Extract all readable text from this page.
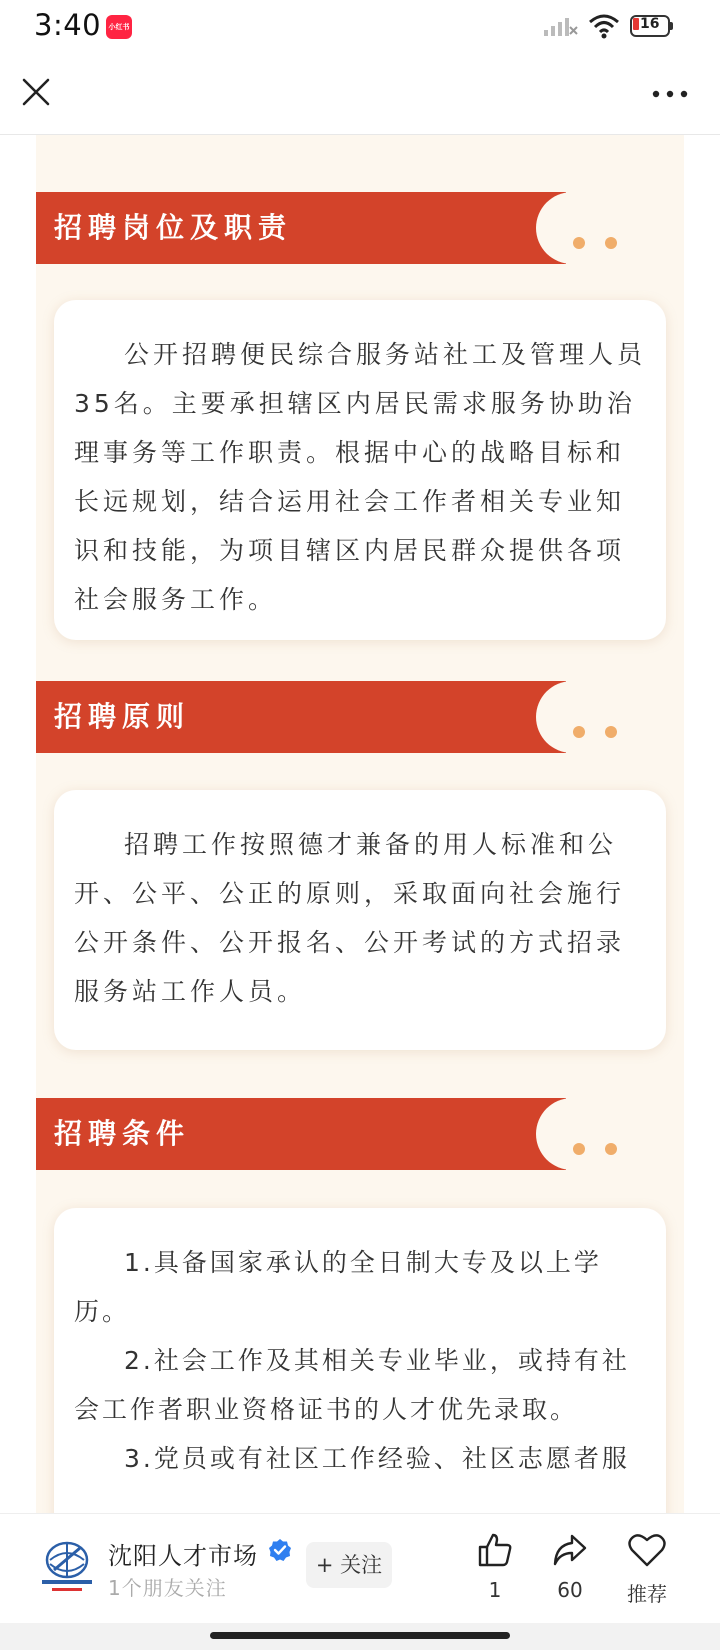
3:40	小红书	16
招聘岗位及职责

公开招聘便民综合服务站社工及管理人员35名。主要承担辖区内居民需求服务协助治理事务等工作职责。根据中心的战略目标和长远规划，结合运用社会工作者相关专业知识和技能，为项目辖区内居民群众提供各项社会服务工作。

招聘原则

招聘工作按照德才兼备的用人标准和公开、公平、公正的原则，采取面向社会施行公开条件、公开报名、公开考试的方式招录服务站工作人员。

招聘条件

1.具备国家承认的全日制大专及以上学历。

2.社会工作及其相关专业毕业，或持有社会工作者职业资格证书的人才优先录取。

3.党员或有社区工作经验、社区志愿者服

沈阳人才市场
1个朋友关注
+ 关注
1	60	推荐
